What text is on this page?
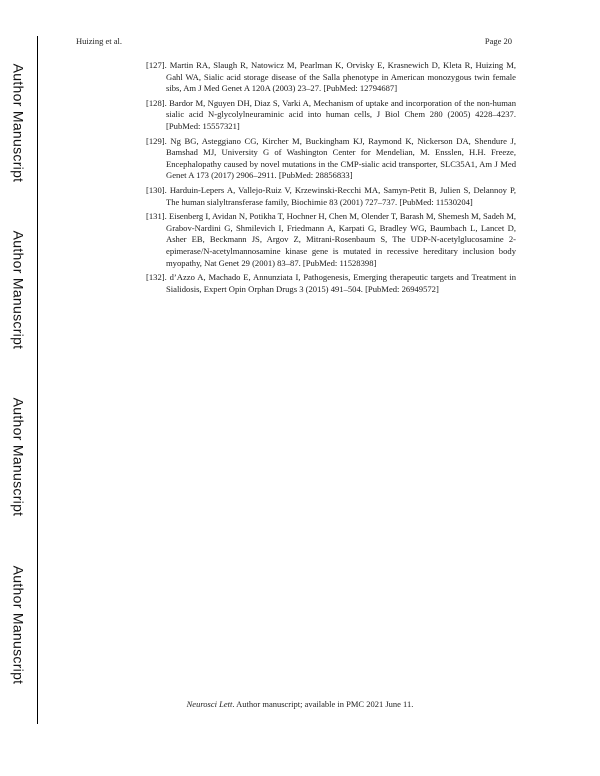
Author Manuscript
Author Manuscript
Author Manuscript
Author Manuscript
Huizing et al.	Page 20
[127]. Martin RA, Slaugh R, Natowicz M, Pearlman K, Orvisky E, Krasnewich D, Kleta R, Huizing M, Gahl WA, Sialic acid storage disease of the Salla phenotype in American monozygous twin female sibs, Am J Med Genet A 120A (2003) 23–27. [PubMed: 12794687]
[128]. Bardor M, Nguyen DH, Diaz S, Varki A, Mechanism of uptake and incorporation of the non-human sialic acid N-glycolylneuraminic acid into human cells, J Biol Chem 280 (2005) 4228–4237. [PubMed: 15557321]
[129]. Ng BG, Asteggiano CG, Kircher M, Buckingham KJ, Raymond K, Nickerson DA, Shendure J, Bamshad MJ, University G of Washington Center for Mendelian, M. Ensslen, H.H. Freeze, Encephalopathy caused by novel mutations in the CMP-sialic acid transporter, SLC35A1, Am J Med Genet A 173 (2017) 2906–2911. [PubMed: 28856833]
[130]. Harduin-Lepers A, Vallejo-Ruiz V, Krzewinski-Recchi MA, Samyn-Petit B, Julien S, Delannoy P, The human sialyltransferase family, Biochimie 83 (2001) 727–737. [PubMed: 11530204]
[131]. Eisenberg I, Avidan N, Potikha T, Hochner H, Chen M, Olender T, Barash M, Shemesh M, Sadeh M, Grabov-Nardini G, Shmilevich I, Friedmann A, Karpati G, Bradley WG, Baumbach L, Lancet D, Asher EB, Beckmann JS, Argov Z, Mitrani-Rosenbaum S, The UDP-N-acetylglucosamine 2-epimerase/N-acetylmannosamine kinase gene is mutated in recessive hereditary inclusion body myopathy, Nat Genet 29 (2001) 83–87. [PubMed: 11528398]
[132]. d’Azzo A, Machado E, Annunziata I, Pathogenesis, Emerging therapeutic targets and Treatment in Sialidosis, Expert Opin Orphan Drugs 3 (2015) 491–504. [PubMed: 26949572]
Neurosci Lett. Author manuscript; available in PMC 2021 June 11.
